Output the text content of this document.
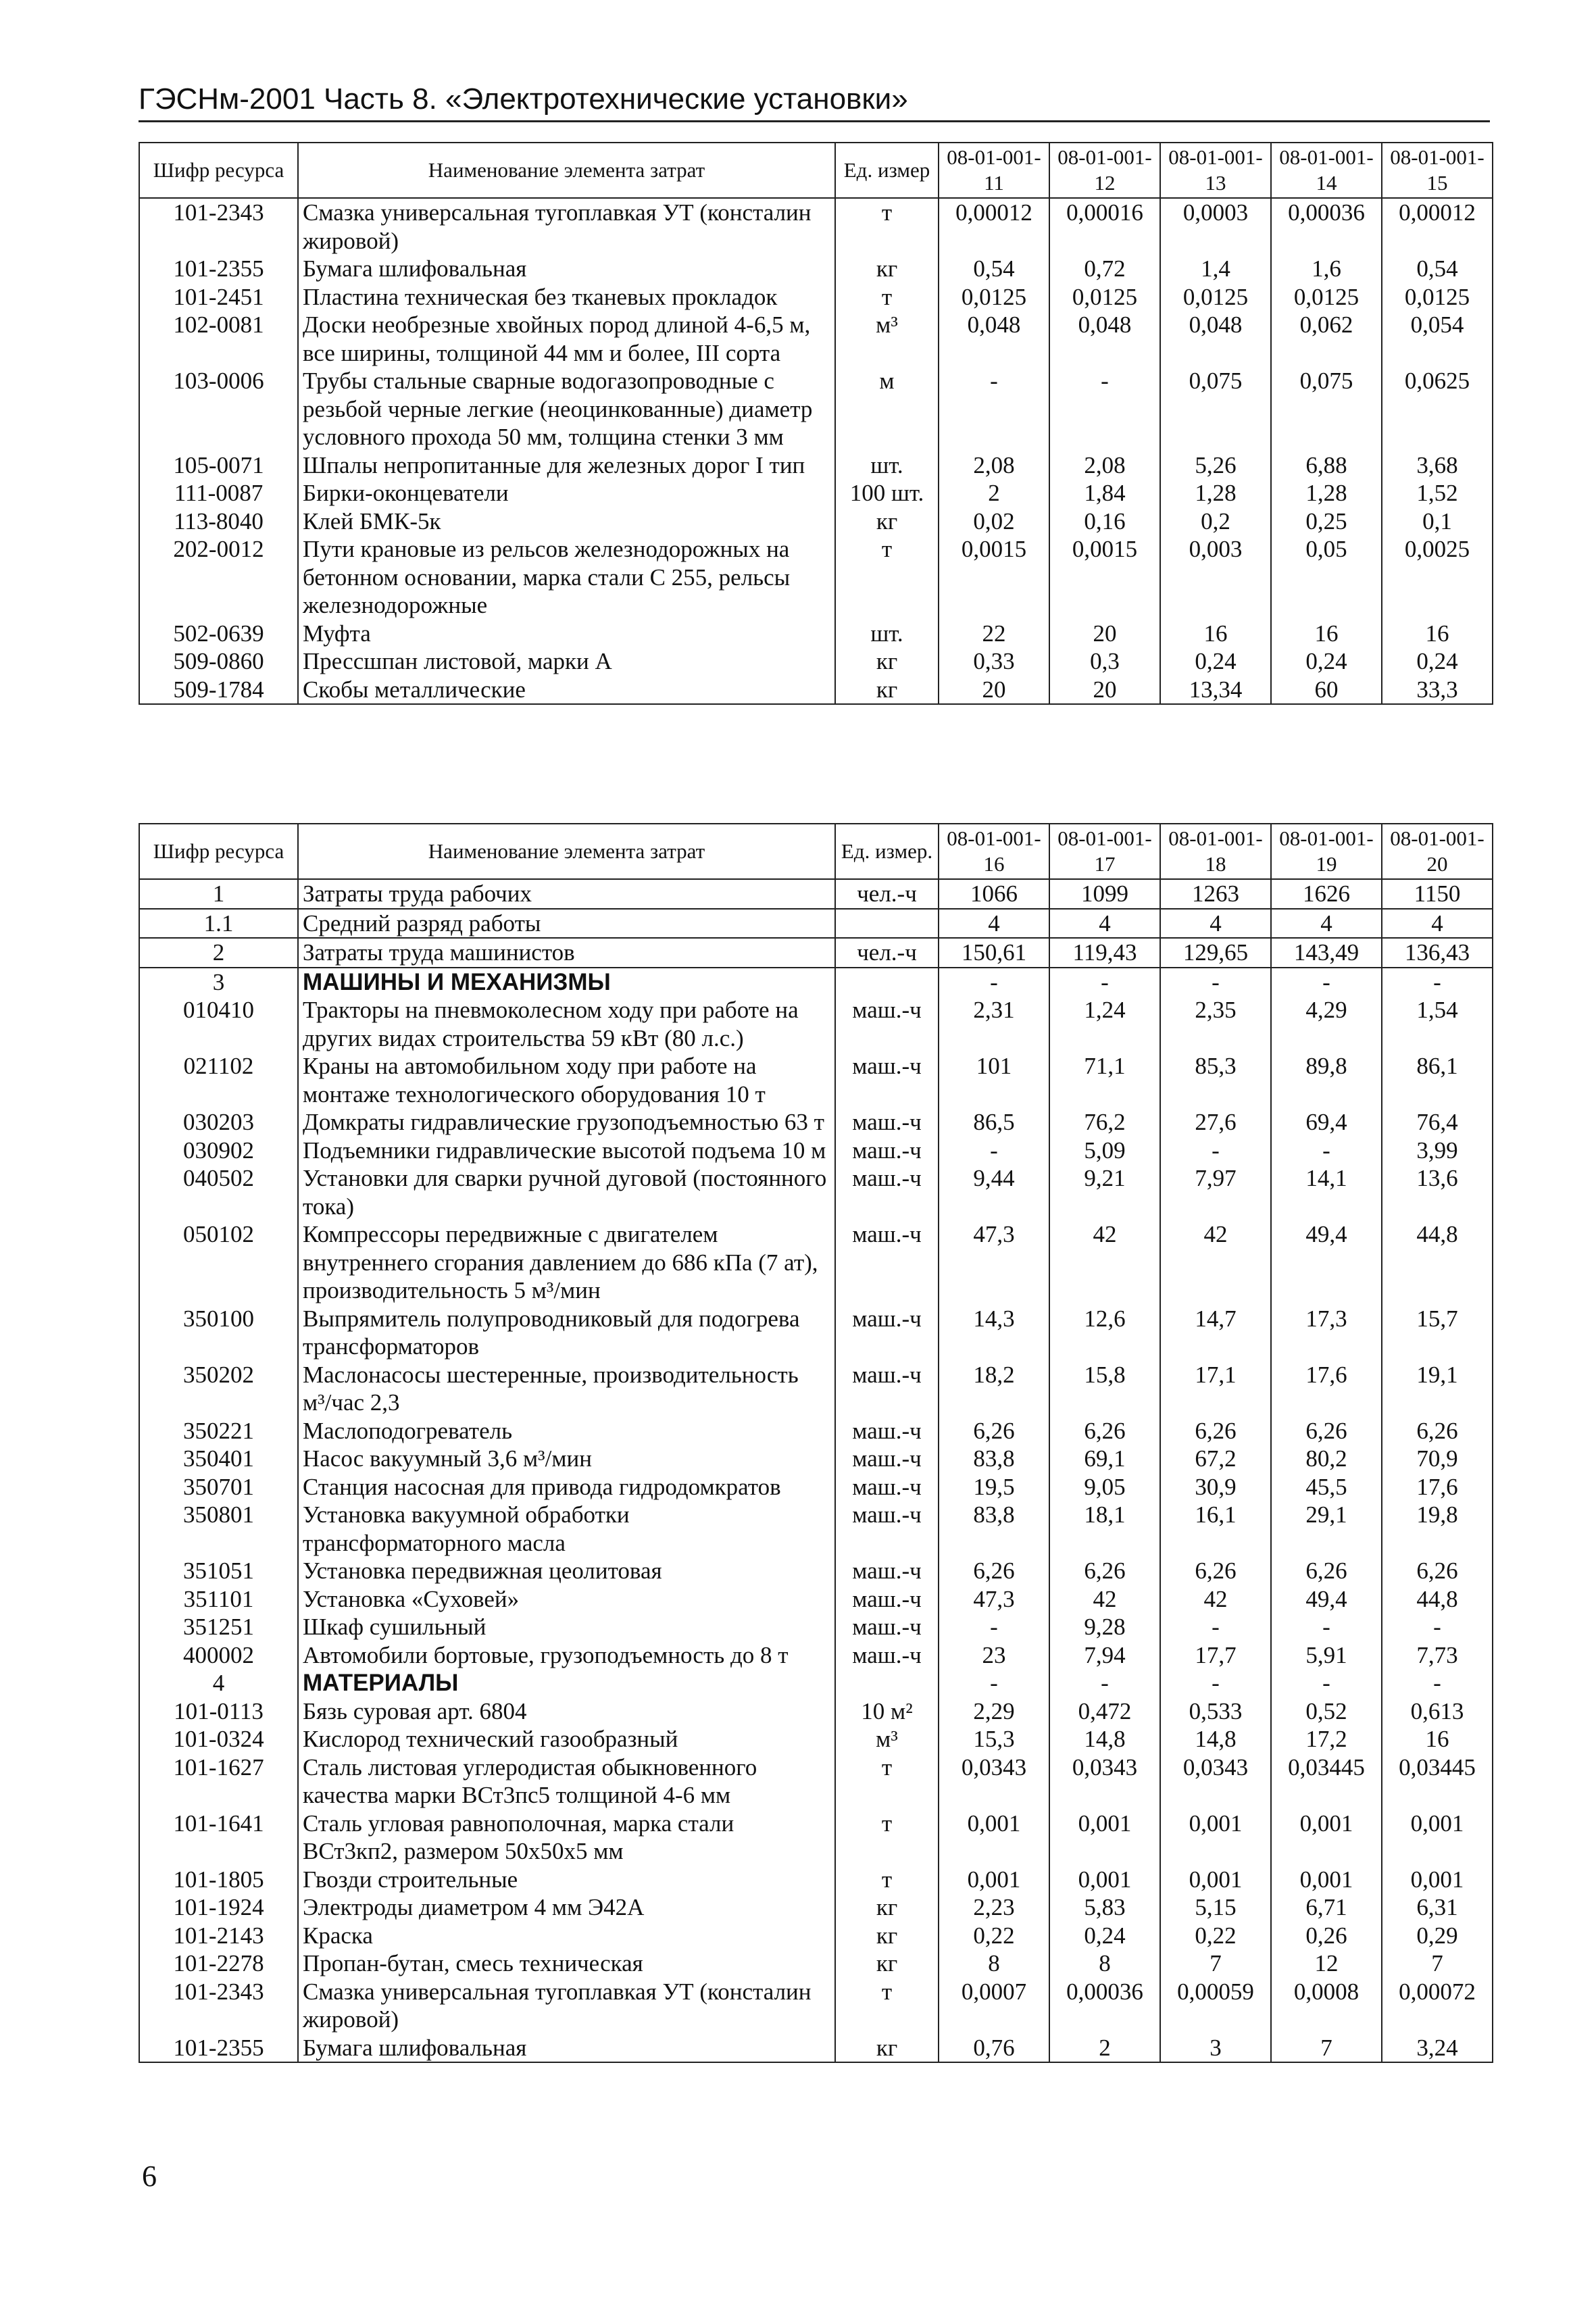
ГЭСНм-2001 Часть 8. «Электротехнические установки»
Шифр ресурса	Наименование элемента затрат	Ед. измер	08-01-001-11	08-01-001-12	08-01-001-13	08-01-001-14	08-01-001-15
101-2343	Смазка универсальная тугоплавкая УТ (консталин жировой)	т	0,00012	0,00016	0,0003	0,00036	0,00012
101-2355	Бумага шлифовальная	кг	0,54	0,72	1,4	1,6	0,54
101-2451	Пластина техническая без тканевых прокладок	т	0,0125	0,0125	0,0125	0,0125	0,0125
102-0081	Доски необрезные хвойных пород длиной 4-6,5 м, все ширины, толщиной 44 мм и более, III сорта	м³	0,048	0,048	0,048	0,062	0,054
103-0006	Трубы стальные сварные водогазопроводные с резьбой черные легкие (неоцинкованные) диаметр условного прохода 50 мм, толщина стенки 3 мм	м	-	-	0,075	0,075	0,0625
105-0071	Шпалы непропитанные для железных дорог I тип	шт.	2,08	2,08	5,26	6,88	3,68
111-0087	Бирки-оконцеватели	100 шт.	2	1,84	1,28	1,28	1,52
113-8040	Клей БМК-5к	кг	0,02	0,16	0,2	0,25	0,1
202-0012	Пути крановые из рельсов железнодорожных на бетонном основании, марка стали С 255, рельсы железнодорожные	т	0,0015	0,0015	0,003	0,05	0,0025
502-0639	Муфта	шт.	22	20	16	16	16
509-0860	Прессшпан листовой, марки А	кг	0,33	0,3	0,24	0,24	0,24
509-1784	Скобы металлические	кг	20	20	13,34	60	33,3
Шифр ресурса	Наименование элемента затрат	Ед. измер.	08-01-001-16	08-01-001-17	08-01-001-18	08-01-001-19	08-01-001-20
1	Затраты труда рабочих	чел.-ч	1066	1099	1263	1626	1150
1.1	Средний разряд работы		4	4	4	4	4
2	Затраты труда машинистов	чел.-ч	150,61	119,43	129,65	143,49	136,43
3	МАШИНЫ И МЕХАНИЗМЫ		-	-	-	-	-
010410	Тракторы на пневмоколесном ходу при работе на других видах строительства 59 кВт (80 л.с.)	маш.-ч	2,31	1,24	2,35	4,29	1,54
021102	Краны на автомобильном ходу при работе на монтаже технологического оборудования 10 т	маш.-ч	101	71,1	85,3	89,8	86,1
030203	Домкраты гидравлические грузоподъемностью 63 т	маш.-ч	86,5	76,2	27,6	69,4	76,4
030902	Подъемники гидравлические высотой подъема 10 м	маш.-ч	-	5,09	-	-	3,99
040502	Установки для сварки ручной дуговой (постоянного тока)	маш.-ч	9,44	9,21	7,97	14,1	13,6
050102	Компрессоры передвижные с двигателем внутреннего сгорания давлением до 686 кПа (7 ат), производительность 5 м³/мин	маш.-ч	47,3	42	42	49,4	44,8
350100	Выпрямитель полупроводниковый для подогрева трансформаторов	маш.-ч	14,3	12,6	14,7	17,3	15,7
350202	Маслонасосы шестеренные, производительность м³/час 2,3	маш.-ч	18,2	15,8	17,1	17,6	19,1
350221	Маслоподогреватель	маш.-ч	6,26	6,26	6,26	6,26	6,26
350401	Насос вакуумный 3,6 м³/мин	маш.-ч	83,8	69,1	67,2	80,2	70,9
350701	Станция насосная для привода гидродомкратов	маш.-ч	19,5	9,05	30,9	45,5	17,6
350801	Установка вакуумной обработки трансформаторного масла	маш.-ч	83,8	18,1	16,1	29,1	19,8
351051	Установка передвижная цеолитовая	маш.-ч	6,26	6,26	6,26	6,26	6,26
351101	Установка «Суховей»	маш.-ч	47,3	42	42	49,4	44,8
351251	Шкаф сушильный	маш.-ч	-	9,28	-	-	-
400002	Автомобили бортовые, грузоподъемность до 8 т	маш.-ч	23	7,94	17,7	5,91	7,73
4	МАТЕРИАЛЫ		-	-	-	-	-
101-0113	Бязь суровая арт. 6804	10 м²	2,29	0,472	0,533	0,52	0,613
101-0324	Кислород технический газообразный	м³	15,3	14,8	14,8	17,2	16
101-1627	Сталь листовая углеродистая обыкновенного качества марки ВСт3пс5 толщиной 4-6 мм	т	0,0343	0,0343	0,0343	0,03445	0,03445
101-1641	Сталь угловая равнополочная, марка стали ВСт3кп2, размером 50x50x5 мм	т	0,001	0,001	0,001	0,001	0,001
101-1805	Гвозди строительные	т	0,001	0,001	0,001	0,001	0,001
101-1924	Электроды диаметром 4 мм Э42А	кг	2,23	5,83	5,15	6,71	6,31
101-2143	Краска	кг	0,22	0,24	0,22	0,26	0,29
101-2278	Пропан-бутан, смесь техническая	кг	8	8	7	12	7
101-2343	Смазка универсальная тугоплавкая УТ (консталин жировой)	т	0,0007	0,00036	0,00059	0,0008	0,00072
101-2355	Бумага шлифовальная	кг	0,76	2	3	7	3,24
6
